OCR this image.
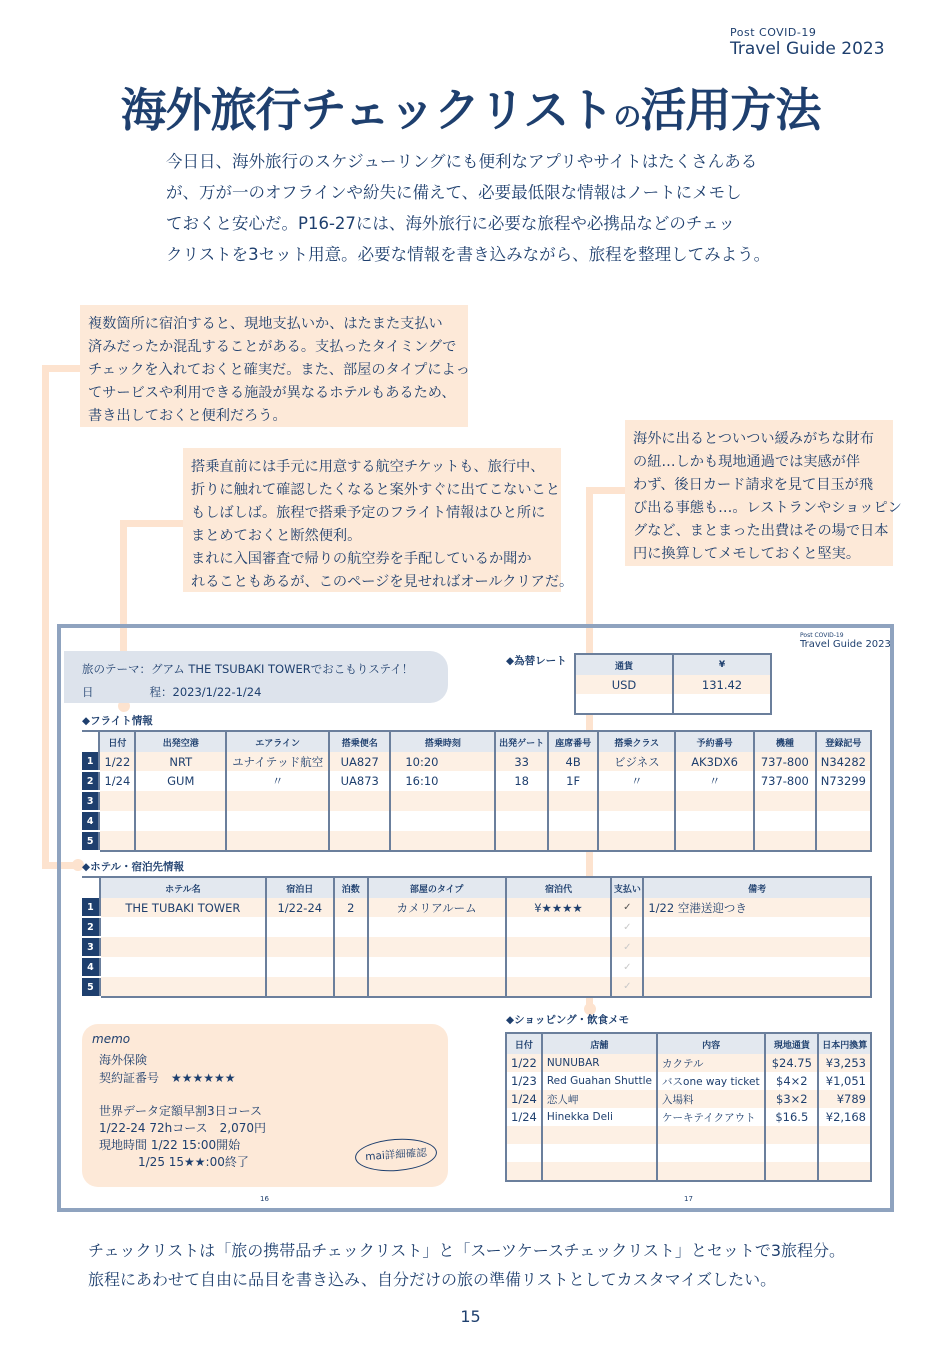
Post COVID-19
Travel Guide 2023
海外旅行チェックリストの活用方法

今日日、海外旅行のスケジューリングにも便利なアプリやサイトはたくさんある

が、万が一のオフラインや紛失に備えて、必要最低限な情報はノートにメモし

ておくと安心だ。P16-27には、海外旅行に必要な旅程や必携品などのチェッ

クリストを3セット用意。必要な情報を書き込みながら、旅程を整理してみよう。

複数箇所に宿泊すると、現地支払いか、はたまた支払い

済みだったか混乱することがある。支払ったタイミングで

チェックを入れておくと確実だ。また、部屋のタイプによっ

てサービスや利用できる施設が異なるホテルもあるため、

書き出しておくと便利だろう。

搭乗直前には手元に用意する航空チケットも、旅行中、

折りに触れて確認したくなると案外すぐに出てこないこと

もしばしば。旅程で搭乗予定のフライト情報はひと所に

まとめておくと断然便利。

まれに入国審査で帰りの航空券を手配しているか聞か

れることもあるが、このページを見せればオールクリアだ。

海外に出るとついつい緩みがちな財布

の紐…しかも現地通過では実感が伴

わず、後日カード請求を見て目玉が飛

び出る事態も…。レストランやショッピン

グなど、まとまった出費はその場で日本

円に換算してメモしておくと堅実。

Post COVID-19
Travel Guide 2023
旅のテーマ：グアム THE TSUBAKI TOWERでおこもりステイ！
日	程：2023/1/22-1/24
◆為替レート	通貨	¥
USD	131.42

◆フライト情報
	日付	出発空港	エアライン	搭乗便名	搭乗時刻	出発ゲート	座席番号	搭乗クラス	予約番号	機種	登録記号
1	1/22	NRT	ユナイテッド航空	UA827	10:20	33	4B	ビジネス	AK3DX6	737-800	N34282
2	1/24	GUM	〃	UA873	16:10	18	1F	〃	〃	737-800	N73299
3											
4											
5											
◆ホテル・宿泊先情報
	ホテル名	宿泊日	泊数	部屋のタイプ	宿泊代	支払い	備考
1	THE TUBAKI TOWER	1/22-24	2	カメリアルーム	¥★★★★	✓	1/22 空港送迎つき
2						✓	
3						✓	
4						✓	
5						✓	
memo
海外保険
契約証番号　★★★★★★
世界データ定額早割3日コース
1/22-24 72hコース　2,070円
現地時間 1/22 15:00開始
1/25 15★★:00終了	mai詳細確認
◆ショッピング・飲食メモ
日付	店舗	内容	現地通貨	日本円換算
1/22	NUNUBAR	カクテル	$24.75	¥3,253
1/23	Red Guahan Shuttle	バスone way ticket	$4×2	¥1,051
1/24	恋人岬	入場料	$3×2	¥789
1/24	Hinekka Deli	ケーキテイクアウト	$16.5	¥2,168

16	17

チェックリストは「旅の携帯品チェックリスト」と「スーツケースチェックリスト」とセットで3旅程分。

旅程にあわせて自由に品目を書き込み、自分だけの旅の準備リストとしてカスタマイズしたい。

15
